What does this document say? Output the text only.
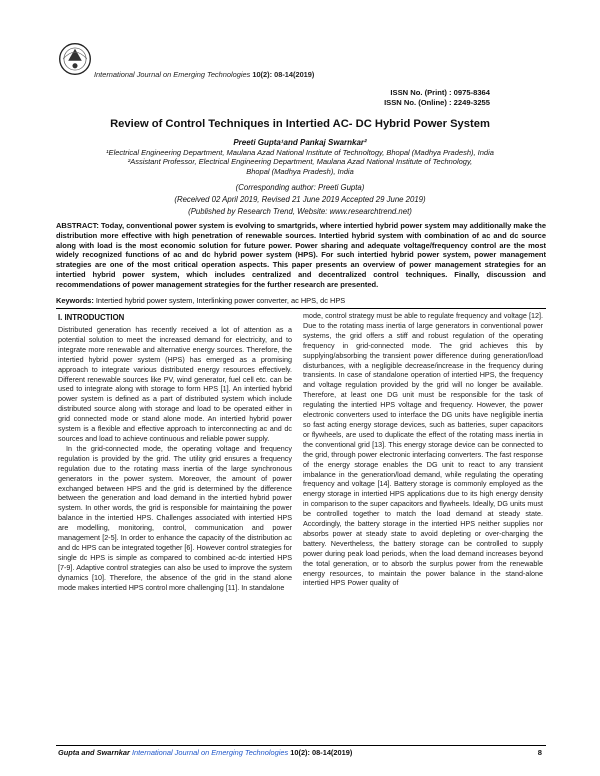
International Journal on Emerging Technologies 10(2): 08-14(2019)
ISSN No. (Print) : 0975-8364
ISSN No. (Online) : 2249-3255
Review of Control Techniques in Intertied AC- DC Hybrid Power System
Preeti Gupta¹and Pankaj Swarnkar²
¹Electrical Engineering Department, Maulana Azad National Institute of Technoltogy, Bhopal (Madhya Pradesh), India
²Assistant Professor, Electrical Engineering Department, Maulana Azad National Institute of Technology,
Bhopal (Madhya Pradesh), India
(Corresponding author: Preeti Gupta)
(Received 02 April 2019, Revised 21 June 2019 Accepted 29 June 2019)
(Published by Research Trend, Website: www.researchtrend.net)
ABSTRACT: Today, conventional power system is evolving to smartgrids, where intertied hybrid power system may additionally make the distribution more effective with high penetration of renewable sources. Intertied hybrid system with combination of ac and dc source along with load is the most economic solution for future power. Power sharing and adequate voltage/frequency control are the most widely recognized functions of ac and dc hybrid power system (HPS). For such intertied hybrid power system, power management strategies are one of the most critical operation aspects. This paper presents an overview of power management strategies for an intertied hybrid power system, which includes centralized and decentralized control techniques. Finally, discussion and recommendations of power management strategies for the further research are presented.
Keywords: Intertied hybrid power system, Interlinking power converter, ac HPS, dc HPS
I. INTRODUCTION

Distributed generation has recently received a lot of attention as a potential solution to meet the increased demand for electricity, and to integrate more renewable and alternative energy sources. Therefore, the intertied hybrid power system (HPS) has emerged as a promising approach to integrate various distributed energy resources effectively. Different renewable sources like PV, wind generator, fuel cell etc. can be used to integrate along with storage to form HPS [1]. An intertied hybrid power system is defined as a part of distributed system which include distributed source along with storage and load to be operated either in grid connected mode or stand alone mode. An intertied hybrid power system is a flexible and effective approach to interconnecting ac and dc sources and load to achieve continuous and reliable power supply.

In the grid-connected mode, the operating voltage and frequency regulation is provided by the grid. The utility grid ensures a frequency regulation due to the rotating mass inertia of the large synchronous generators in the power system. Moreover, the amount of power exchanged between HPS and the grid is determined by the difference between the generation and load demand in the intertied hybrid power system. In other words, the grid is responsible for maintaining the power balance in the intertied HPS. Challenges associated with intertied HPS are modelling, monitoring, control, communication and power management [2-5]. In order to enhance the capacity of the distribution ac and dc HPS can be integrated together [6]. However control strategies for single dc HPS is simple as compared to combined ac-dc intertied HPS [7-9]. Adaptive control strategies can also be used to improve the system dynamics [10]. Therefore, the absence of the grid in the stand alone mode makes intertied HPS control more challenging [11]. In standalone

mode, control strategy must be able to regulate frequency and voltage [12]. Due to the rotating mass inertia of large generators in conventional power systems, the grid offers a stiff and robust regulation of the operating frequency in grid-connected mode. The grid achieves this by supplying/absorbing the transient power difference during generation/load disturbances, with a negligible decrease/increase in the frequency during transients. In case of standalone operation of intertied HPS, the frequency and voltage regulation provided by the grid will no longer be available. Therefore, at least one DG unit must be responsible for the task of regulating the intertied HPS voltage and frequency. However, the power electronic converters used to interface the DG units have negligible inertia so fast acting energy storage devices, such as batteries, super capacitors or flywheels, are used to duplicate the effect of the rotating mass inertia in the conventional grid [13]. This energy storage device can be connected to the grid, through power electronic interfacing converters. The fast response of the energy storage enables the DG unit to react to any transient imbalance in the generation/load demand, while regulating the operating frequency and voltage [14]. Battery storage is commonly employed as the energy storage in intertied HPS applications due to its high energy density in comparison to the super capacitors and flywheels. Ideally, DG units must be controlled together to match the load demand at steady state. Accordingly, the battery storage in the intertied HPS neither supplies nor absorbs power at steady state to avoid depleting or over-charging the battery. Nevertheless, the battery storage can be controlled to supply power during peak load periods, when the load demand increases beyond the total generation, or to absorb the surplus power from the renewable energy resources, to maintain the power balance in the stand-alone intertied HPS Power quality of

Gupta and Swarnkar International Journal on Emerging Technologies 10(2): 08-14(2019)	8
